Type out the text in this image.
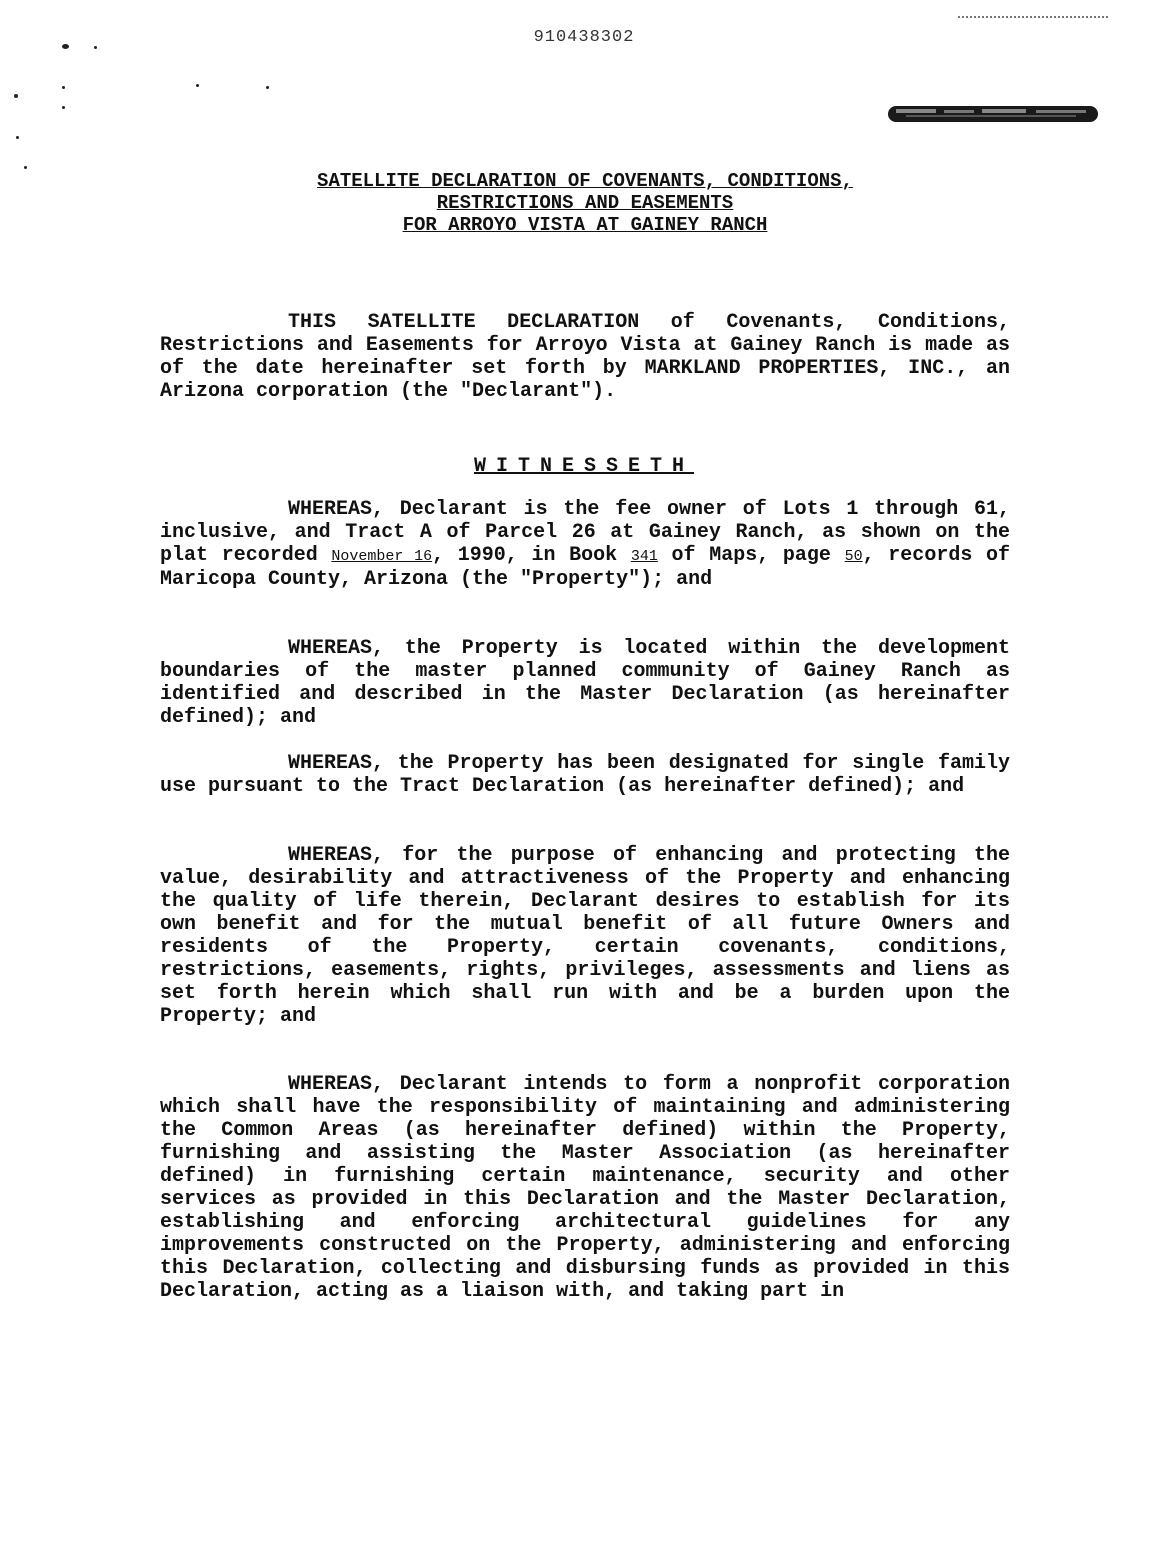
910438302
SATELLITE DECLARATION OF COVENANTS, CONDITIONS,
RESTRICTIONS AND EASEMENTS
FOR ARROYO VISTA AT GAINEY RANCH

THIS SATELLITE DECLARATION of Covenants, Conditions, Restrictions and Easements for Arroyo Vista at Gainey Ranch is made as of the date hereinafter set forth by MARKLAND PROPERTIES, INC., an Arizona corporation (the "Declarant").

WITNESSETH

WHEREAS, Declarant is the fee owner of Lots 1 through 61, inclusive, and Tract A of Parcel 26 at Gainey Ranch, as shown on the plat recorded November 16, 1990, in Book 341 of Maps, page 50, records of Maricopa County, Arizona (the "Property"); and

WHEREAS, the Property is located within the development boundaries of the master planned community of Gainey Ranch as identified and described in the Master Declaration (as hereinafter defined); and

WHEREAS, the Property has been designated for single family use pursuant to the Tract Declaration (as hereinafter defined); and

WHEREAS, for the purpose of enhancing and protecting the value, desirability and attractiveness of the Property and enhancing the quality of life therein, Declarant desires to establish for its own benefit and for the mutual benefit of all future Owners and residents of the Property, certain covenants, conditions, restrictions, easements, rights, privileges, assessments and liens as set forth herein which shall run with and be a burden upon the Property; and

WHEREAS, Declarant intends to form a nonprofit corporation which shall have the responsibility of maintaining and administering the Common Areas (as hereinafter defined) within the Property, furnishing and assisting the Master Association (as hereinafter defined) in furnishing certain maintenance, security and other services as provided in this Declaration and the Master Declaration, establishing and enforcing architectural guidelines for any improvements constructed on the Property, administering and enforcing this Declaration, collecting and disbursing funds as provided in this Declaration, acting as a liaison with, and taking part in
